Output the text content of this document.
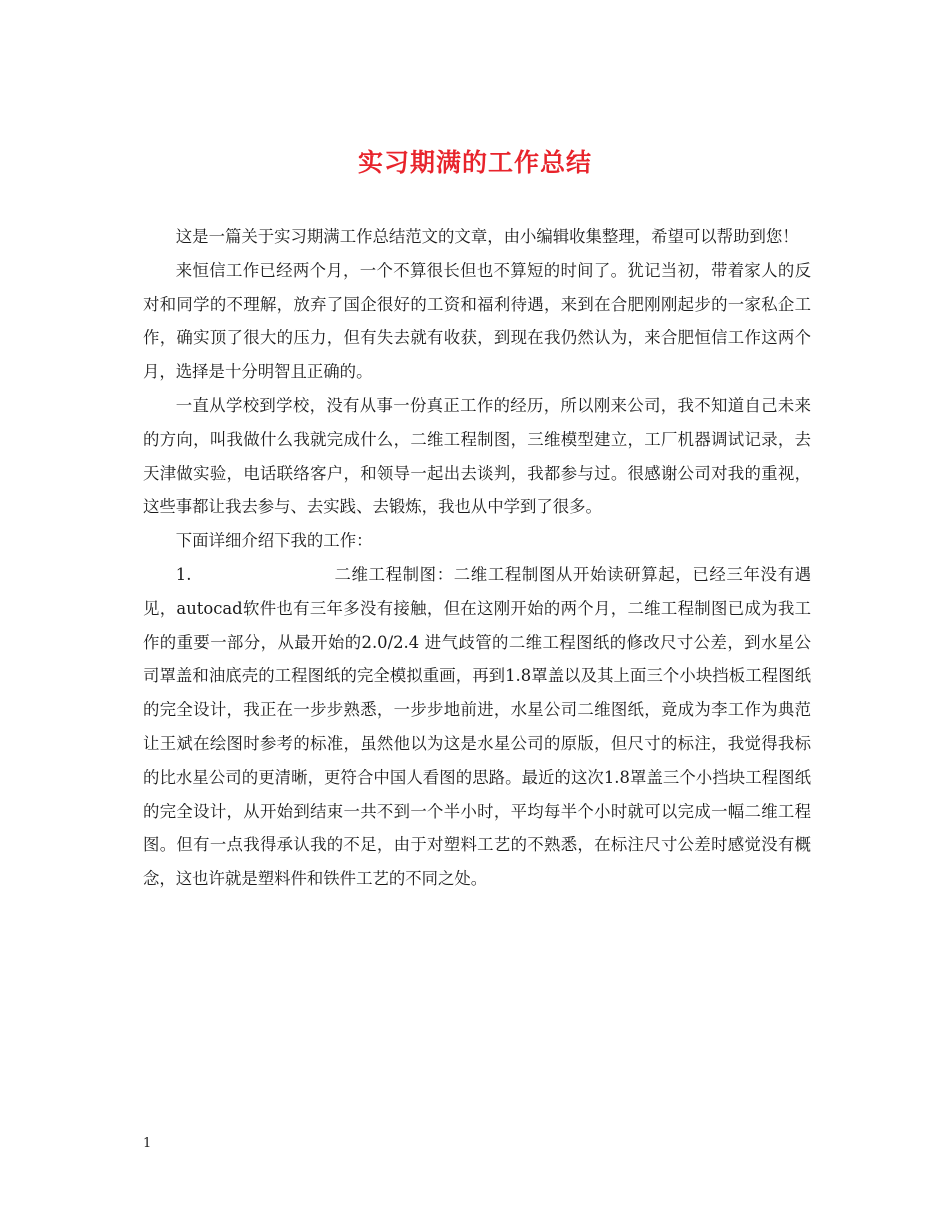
实习期满的工作总结

这是一篇关于实习期满工作总结范文的文章，由小编辑收集整理，希望可以帮助到您！

来恒信工作已经两个月，一个不算很长但也不算短的时间了。犹记当初，带着家人的反对和同学的不理解，放弃了国企很好的工资和福利待遇，来到在合肥刚刚起步的一家私企工作，确实顶了很大的压力，但有失去就有收获，到现在我仍然认为，来合肥恒信工作这两个月，选择是十分明智且正确的。

一直从学校到学校，没有从事一份真正工作的经历，所以刚来公司，我不知道自己未来的方向，叫我做什么我就完成什么，二维工程制图，三维模型建立，工厂机器调试记录，去天津做实验，电话联络客户，和领导一起出去谈判，我都参与过。很感谢公司对我的重视，这些事都让我去参与、去实践、去锻炼，我也从中学到了很多。

下面详细介绍下我的工作：

1.	二维工程制图：二维工程制图从开始读研算起，已经三年没有遇见，autocad软件也有三年多没有接触，但在这刚开始的两个月，二维工程制图已成为我工作的重要一部分，从最开始的2.0/2.4 进气歧管的二维工程图纸的修改尺寸公差，到水星公司罩盖和油底壳的工程图纸的完全模拟重画，再到1.8罩盖以及其上面三个小块挡板工程图纸的完全设计，我正在一步步熟悉，一步步地前进，水星公司二维图纸，竟成为李工作为典范让王斌在绘图时参考的标准，虽然他以为这是水星公司的原版，但尺寸的标注，我觉得我标的比水星公司的更清晰，更符合中国人看图的思路。最近的这次1.8罩盖三个小挡块工程图纸的完全设计，从开始到结束一共不到一个半小时，平均每半个小时就可以完成一幅二维工程图。但有一点我得承认我的不足，由于对塑料工艺的不熟悉，在标注尺寸公差时感觉没有概念，这也许就是塑料件和铁件工艺的不同之处。

1
